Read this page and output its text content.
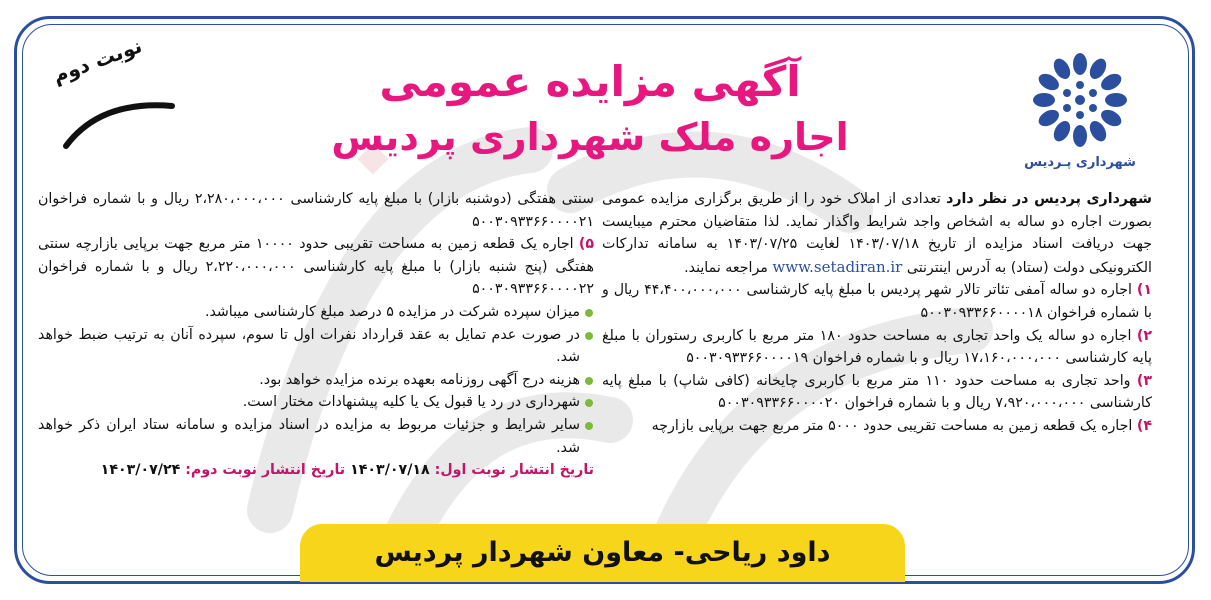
شهرداری پـردیس
آگهی مزایده عمومی
اجاره ملک شهرداری پردیس
نوبت دوم

شهرداری پردیس در نظر دارد تعدادی از املاک خود را از طریق برگزاری مزایده عمومی بصورت اجاره دو ساله به اشخاص واجد شرایط واگذار نماید. لذا متقاضیان محترم میبایست جهت دریافت اسناد مزایده از تاریخ ۱۴۰۳/۰۷/۱۸ لغایت ۱۴۰۳/۰۷/۲۵ به سامانه تدارکات الکترونیکی دولت (ستاد) به آدرس اینترنتی www.setadiran.ir مراجعه نمایند.

۱) اجاره دو ساله آمفی تئاتر تالار شهر پردیس با مبلغ پایه کارشناسی ۴۴،۴۰۰،۰۰۰،۰۰۰ ریال و با شماره فراخوان ۵۰۰۳۰۹۳۳۶۶۰۰۰۰۱۸

۲) اجاره دو ساله یک واحد تجاری به مساحت حدود ۱۸۰ متر مربع با کاربری رستوران با مبلغ پایه کارشناسی ۱۷،۱۶۰،۰۰۰،۰۰۰ ریال و با شماره فراخوان ۵۰۰۳۰۹۳۳۶۶۰۰۰۰۱۹

۳) واحد تجاری به مساحت حدود ۱۱۰ متر مربع با کاربری چایخانه (کافی شاپ) با مبلغ پایه کارشناسی ۷،۹۲۰،۰۰۰،۰۰۰ ریال و با شماره فراخوان ۵۰۰۳۰۹۳۳۶۶۰۰۰۰۲۰

۴) اجاره یک قطعه زمین به مساحت تقریبی حدود ۵۰۰۰ متر مربع جهت برپایی بازارچه

سنتی هفتگی (دوشنبه بازار) با مبلغ پایه کارشناسی ۲،۲۸۰،۰۰۰،۰۰۰ ریال و با شماره فراخوان ۵۰۰۳۰۹۳۳۶۶۰۰۰۰۲۱

۵) اجاره یک قطعه زمین به مساحت تقریبی حدود ۱۰۰۰۰ متر مربع جهت برپایی بازارچه سنتی هفتگی (پنج شنبه بازار) با مبلغ پایه کارشناسی ۲،۲۲۰،۰۰۰،۰۰۰ ریال و با شماره فراخوان ۵۰۰۳۰۹۳۳۶۶۰۰۰۰۲۲

میزان سپرده شرکت در مزایده ۵ درصد مبلغ کارشناسی میباشد.
در صورت عدم تمایل به عقد قرارداد نفرات اول تا سوم، سپرده آنان به ترتیب ضبط خواهد شد.
هزینه درج آگهی روزنامه بعهده برنده مزایده خواهد بود.
شهرداری در رد یا قبول یک یا کلیه پیشنهادات مختار است.
سایر شرایط و جزئیات مربوط به مزایده در اسناد مزایده و سامانه ستاد ایران ذکر خواهد شد.

تاریخ انتشار نوبت اول: ۱۴۰۳/۰۷/۱۸ تاریخ انتشار نوبت دوم: ۱۴۰۳/۰۷/۲۴

داود ریاحی- معاون شهردار پردیس
